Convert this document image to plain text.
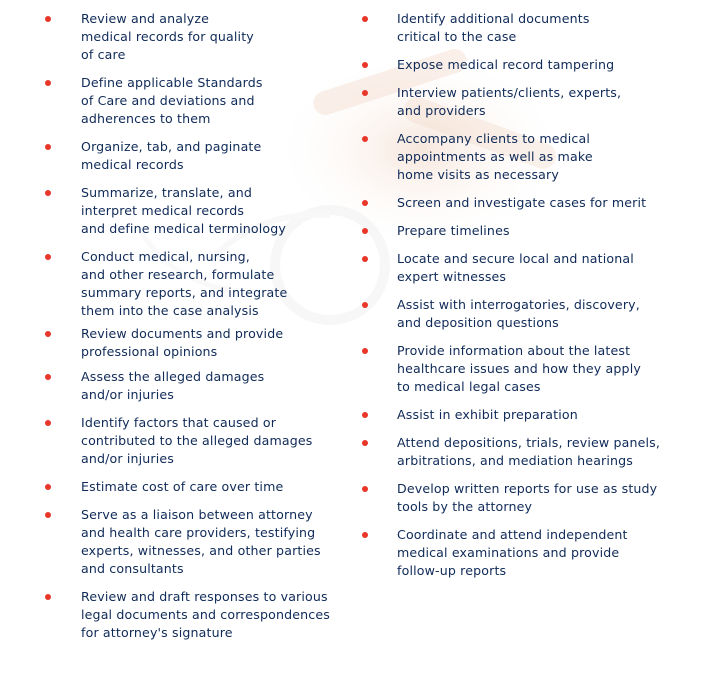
Review and analyze
medical records for quality
of care
Define applicable Standards
of Care and deviations and
adherences to them
Organize, tab, and paginate
medical records
Summarize, translate, and
interpret medical records
and define medical terminology
Conduct medical, nursing,
and other research, formulate
summary reports, and integrate
them into the case analysis
Review documents and provide
professional opinions
Assess the alleged damages
and/or injuries
Identify factors that caused or
contributed to the alleged damages
and/or injuries
Estimate cost of care over time
Serve as a liaison between attorney
and health care providers, testifying
experts, witnesses, and other parties
and consultants
Review and draft responses to various
legal documents and correspondences
for attorney's signature
Identify additional documents
critical to the case
Expose medical record tampering
Interview patients/clients, experts,
and providers
Accompany clients to medical
appointments as well as make
home visits as necessary
Screen and investigate cases for merit
Prepare timelines
Locate and secure local and national
expert witnesses
Assist with interrogatories, discovery,
and deposition questions
Provide information about the latest
healthcare issues and how they apply
to medical legal cases
Assist in exhibit preparation
Attend depositions, trials, review panels,
arbitrations, and mediation hearings
Develop written reports for use as study
tools by the attorney
Coordinate and attend independent
medical examinations and provide
follow-up reports
